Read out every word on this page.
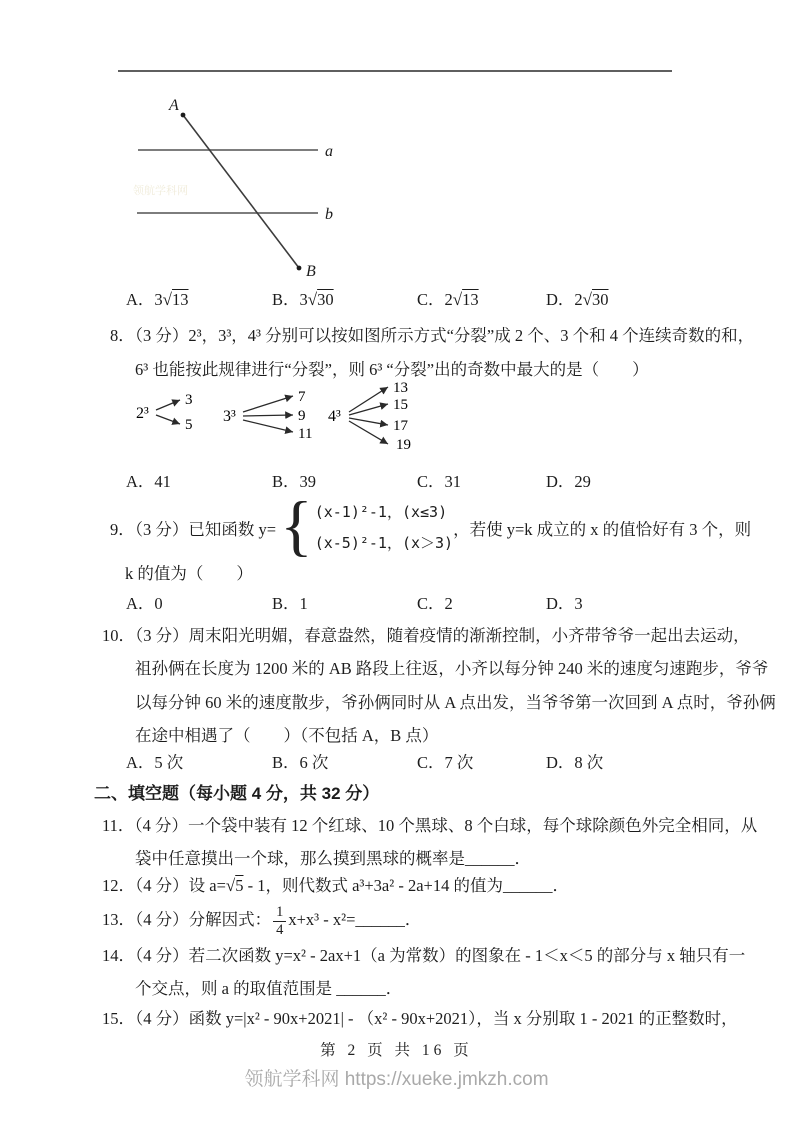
领航学科网
A
B
a
b
A．3√13	B．3√30	C．2√13	D．2√30
8．（3 分）2³，3³，4³ 分别可以按如图所示方式“分裂”成 2 个、3 个和 4 个连续奇数的和，
6³ 也能按此规律进行“分裂”，则 6³ “分裂”出的奇数中最大的是（　　）
2³
3
5 3³
7
9
11
4³
13
15
17
19
A．41	B．39	C．31	D．29
9．（3 分）已知函数 y= { (x-1)²-1，(x≤3)
(x-5)²-1，(x＞3)
，若使 y=k 成立的 x 的值恰好有 3 个，则
k 的值为（　　）
A．0	B．1	C．2	D．3
10．（3 分）周末阳光明媚，春意盎然，随着疫情的渐渐控制，小齐带爷爷一起出去运动，
祖孙俩在长度为 1200 米的 AB 路段上往返，小齐以每分钟 240 米的速度匀速跑步，爷爷
以每分钟 60 米的速度散步，爷孙俩同时从 A 点出发，当爷爷第一次回到 A 点时，爷孙俩
在途中相遇了（　　）（不包括 A，B 点）
A．5 次	B．6 次	C．7 次	D．8 次
二、填空题（每小题 4 分，共 32 分）
11．（4 分）一个袋中装有 12 个红球、10 个黑球、8 个白球，每个球除颜色外完全相同，从
袋中任意摸出一个球，那么摸到黑球的概率是______．
12．（4 分）设 a=√5 - 1，则代数式 a³+3a² - 2a+14 的值为______．
13．（4 分）分解因式： $\frac{1}{4} x+x^3$ - x²=______．
14．（4 分）若二次函数 y=x² - 2ax+1（a 为常数）的图象在 - 1＜x＜5 的部分与 x 轴只有一
个交点，则 a 的取值范围是 ______．
15．（4 分）函数 y=|x² - 90x+2021| - （x² - 90x+2021），当 x 分别取 1 - 2021 的正整数时，
第 2 页 共 16 页
领航学科网 https://xueke.jmkzh.com
